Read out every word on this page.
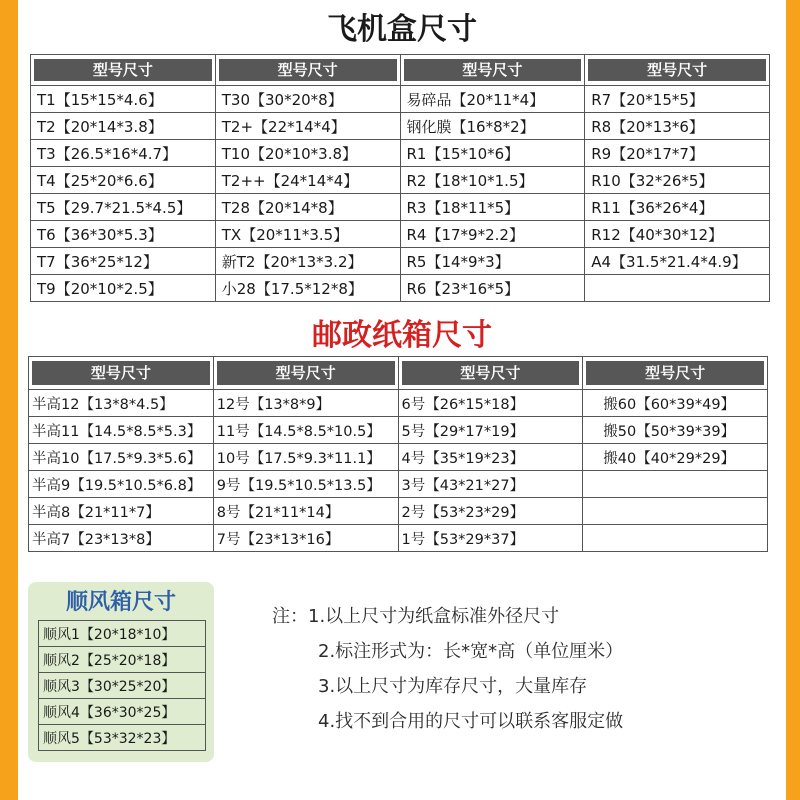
飞机盒尺寸
型号尺寸	型号尺寸	型号尺寸	型号尺寸

T1【15*15*4.6】	T30【30*20*8】	易碎品【20*11*4】	R7【20*15*5】
T2【20*14*3.8】	T2+【22*14*4】	钢化膜【16*8*2】	R8【20*13*6】
T3【26.5*16*4.7】	T10【20*10*3.8】	R1【15*10*6】	R9【20*17*7】
T4【25*20*6.6】	T2++【24*14*4】	R2【18*10*1.5】	R10【32*26*5】
T5【29.7*21.5*4.5】	T28【20*14*8】	R3【18*11*5】	R11【36*26*4】
T6【36*30*5.3】	TX【20*11*3.5】	R4【17*9*2.2】	R12【40*30*12】
T7【36*25*12】	新T2【20*13*3.2】	R5【14*9*3】	A4【31.5*21.4*4.9】
T9【20*10*2.5】	小28【17.5*12*8】	R6【23*16*5】	
邮政纸箱尺寸
型号尺寸	型号尺寸	型号尺寸	型号尺寸

半高12【13*8*4.5】	12号【13*8*9】	6号【26*15*18】	搬60【60*39*49】
半高11【14.5*8.5*5.3】	11号【14.5*8.5*10.5】	5号【29*17*19】	搬50【50*39*39】
半高10【17.5*9.3*5.6】	10号【17.5*9.3*11.1】	4号【35*19*23】	搬40【40*29*29】
半高9【19.5*10.5*6.8】	9号【19.5*10.5*13.5】	3号【43*21*27】	
半高8【21*11*7】	8号【21*11*14】	2号【53*23*29】	
半高7【23*13*8】	7号【23*13*16】	1号【53*29*37】	
顺风箱尺寸
顺风1【20*18*10】
顺风2【25*20*18】
顺风3【30*25*20】
顺风4【36*30*25】
顺风5【53*32*23】
注：1.以上尺寸为纸盒标准外径尺寸
2.标注形式为：长*宽*高（单位厘米）
3.以上尺寸为库存尺寸，大量库存
4.找不到合用的尺寸可以联系客服定做
